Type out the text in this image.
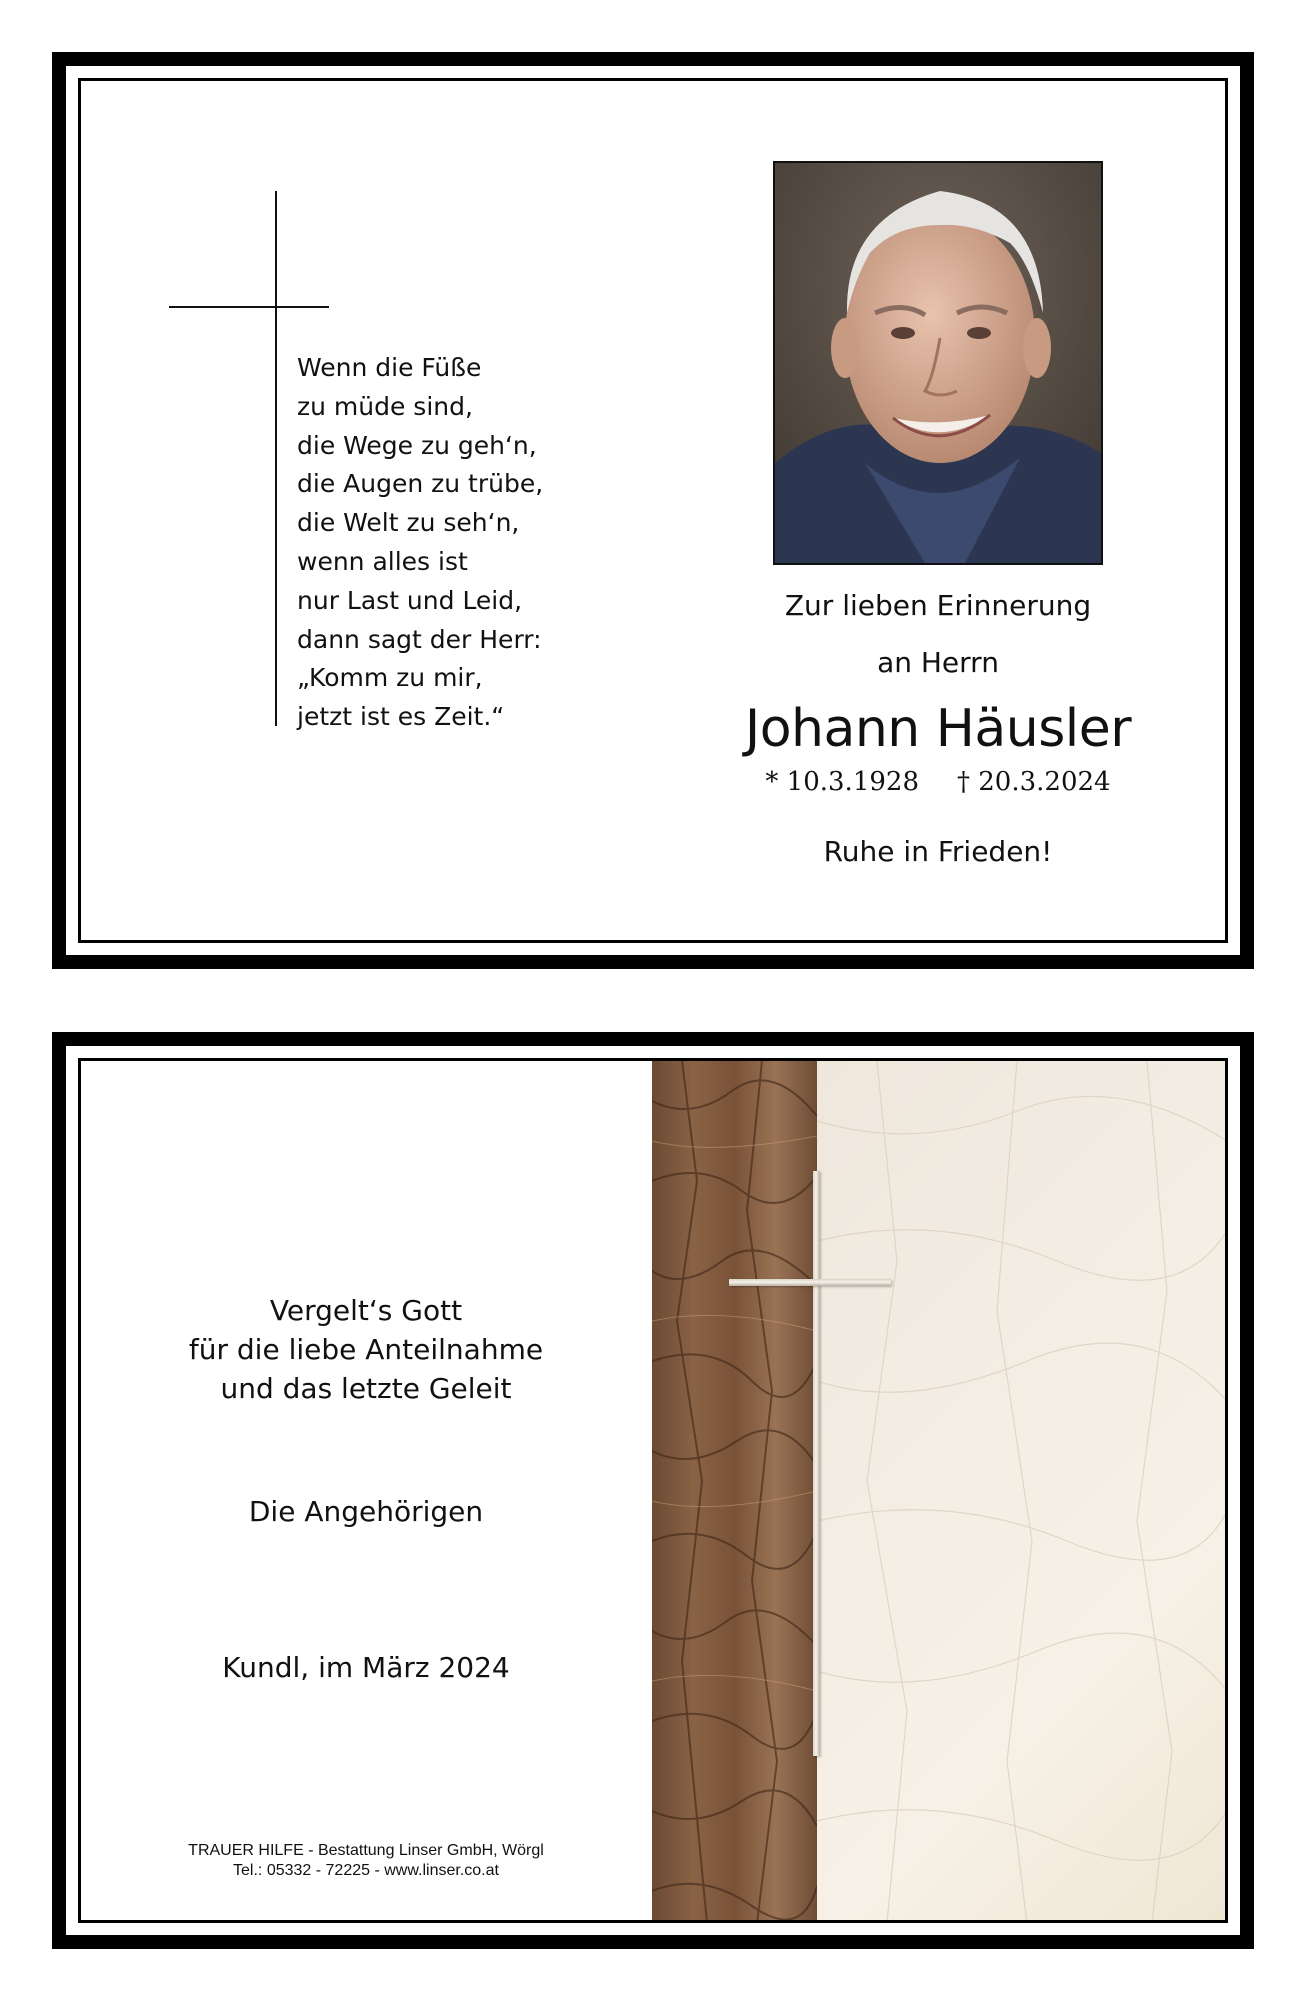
Wenn die Füße
zu müde sind,
die Wege zu geh‘n,
die Augen zu trübe,
die Welt zu seh‘n,
wenn alles ist
nur Last und Leid,
dann sagt der Herr:
„Komm zu mir,
jetzt ist es Zeit.“
Zur lieben Erinnerung
an Herrn
Johann Häusler
* 10.3.1928 † 20.3.2024
Ruhe in Frieden!
Vergelt‘s Gott
für die liebe Anteilnahme
und das letzte Geleit
Die Angehörigen
Kundl, im März 2024
TRAUER HILFE - Bestattung Linser GmbH, Wörgl
Tel.: 05332 - 72225 - www.linser.co.at
